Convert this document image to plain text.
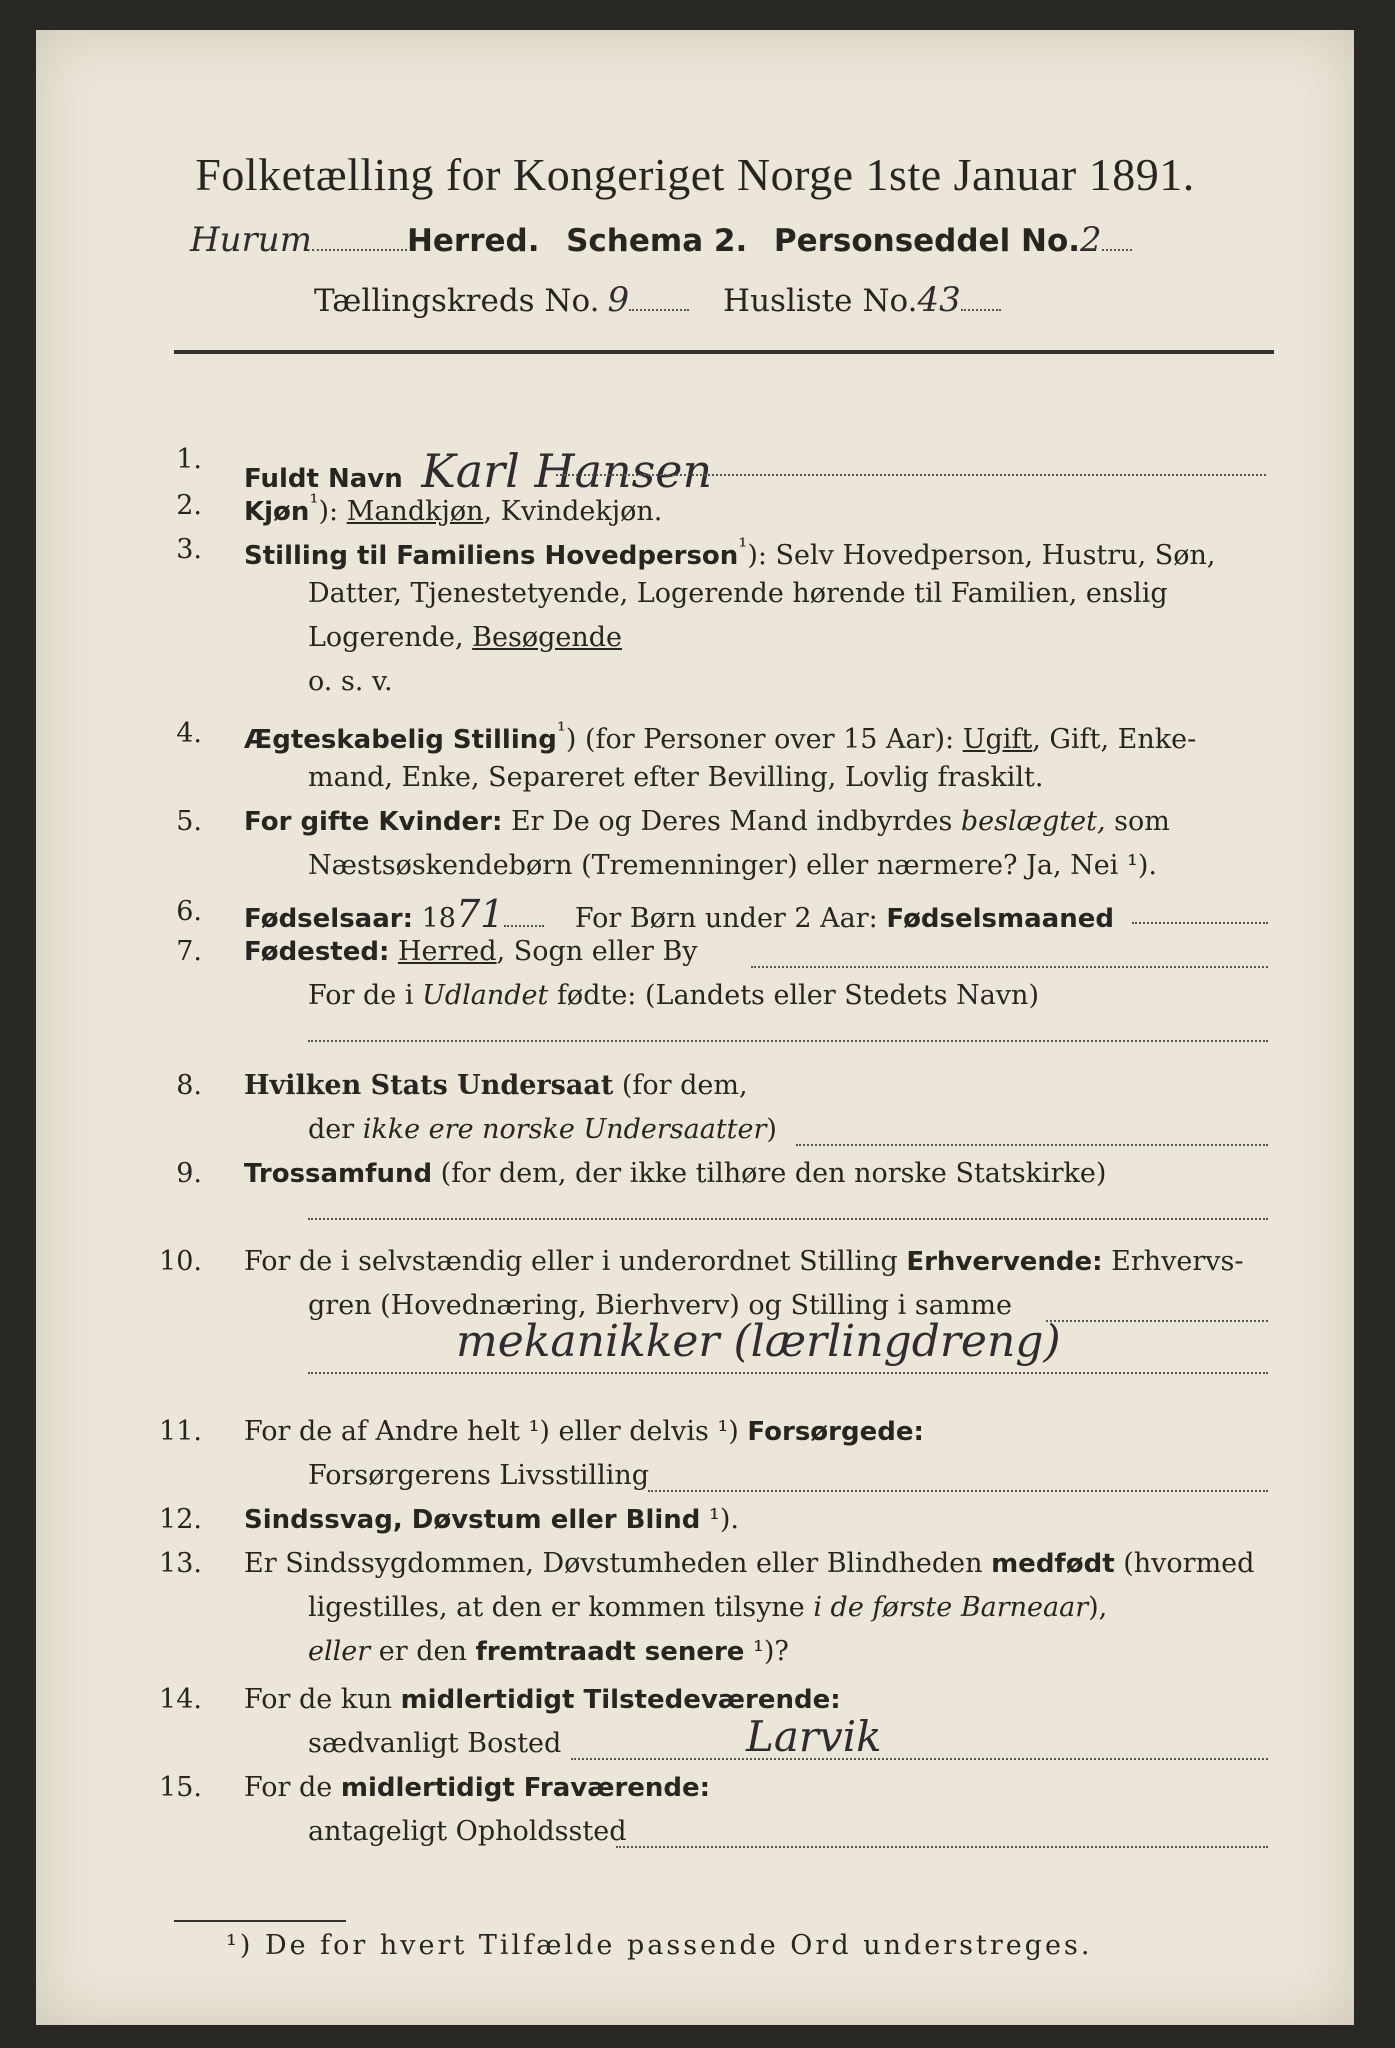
Folketælling for Kongeriget Norge 1ste Januar 1891.
Hurum	Herred. Schema 2. Personseddel No.2
Tællingskreds No. 9	Husliste No.43
1.
Fuldt Navn Karl Hansen
2. Kjøn$^{^1}$): Mandkjøn, Kvindekjøn.
3. Stilling til Familiens Hovedperson$^{^1}$): Selv Hovedperson, Hustru, Søn,
Datter, Tjenestetyende, Logerende hørende til Familien, enslig
Logerende, Besøgende
o. s. v.
4. Ægteskabelig Stilling$^{^1}$) (for Personer over 15 Aar): Ugift, Gift, Enke-
mand, Enke, Separeret efter Bevilling, Lovlig fraskilt.
5. For gifte Kvinder: Er De og Deres Mand indbyrdes beslægtet, som
Næstsøskendebørn (Tremenninger) eller nærmere? Ja, Nei ¹).
6. Fødselsaar: 1871	For Børn under 2 Aar: Fødselsmaaned
7. Fødested: Herred, Sogn eller By
For de i Udlandet fødte: (Landets eller Stedets Navn)
8. Hvilken Stats Undersaat (for dem,
der ikke ere norske Undersaatter)
9. Trossamfund (for dem, der ikke tilhøre den norske Statskirke)
10. For de i selvstændig eller i underordnet Stilling Erhvervende: Erhvervs-
gren (Hovednæring, Bierhverv) og Stilling i samme
mekanikker (lærlingdreng)
11. For de af Andre helt ¹) eller delvis ¹) Forsørgede:
Forsørgerens Livsstilling
12. Sindssvag, Døvstum eller Blind ¹).
13. Er Sindssygdommen, Døvstumheden eller Blindheden medfødt (hvormed
ligestilles, at den er kommen tilsyne i de første Barneaar),
eller er den fremtraadt senere ¹)?
14. For de kun midlertidigt Tilstedeværende:
sædvanligt Bosted	Larvik
15. For de midlertidigt Fraværende:
antageligt Opholdssted
¹) De for hvert Tilfælde passende Ord understreges.
